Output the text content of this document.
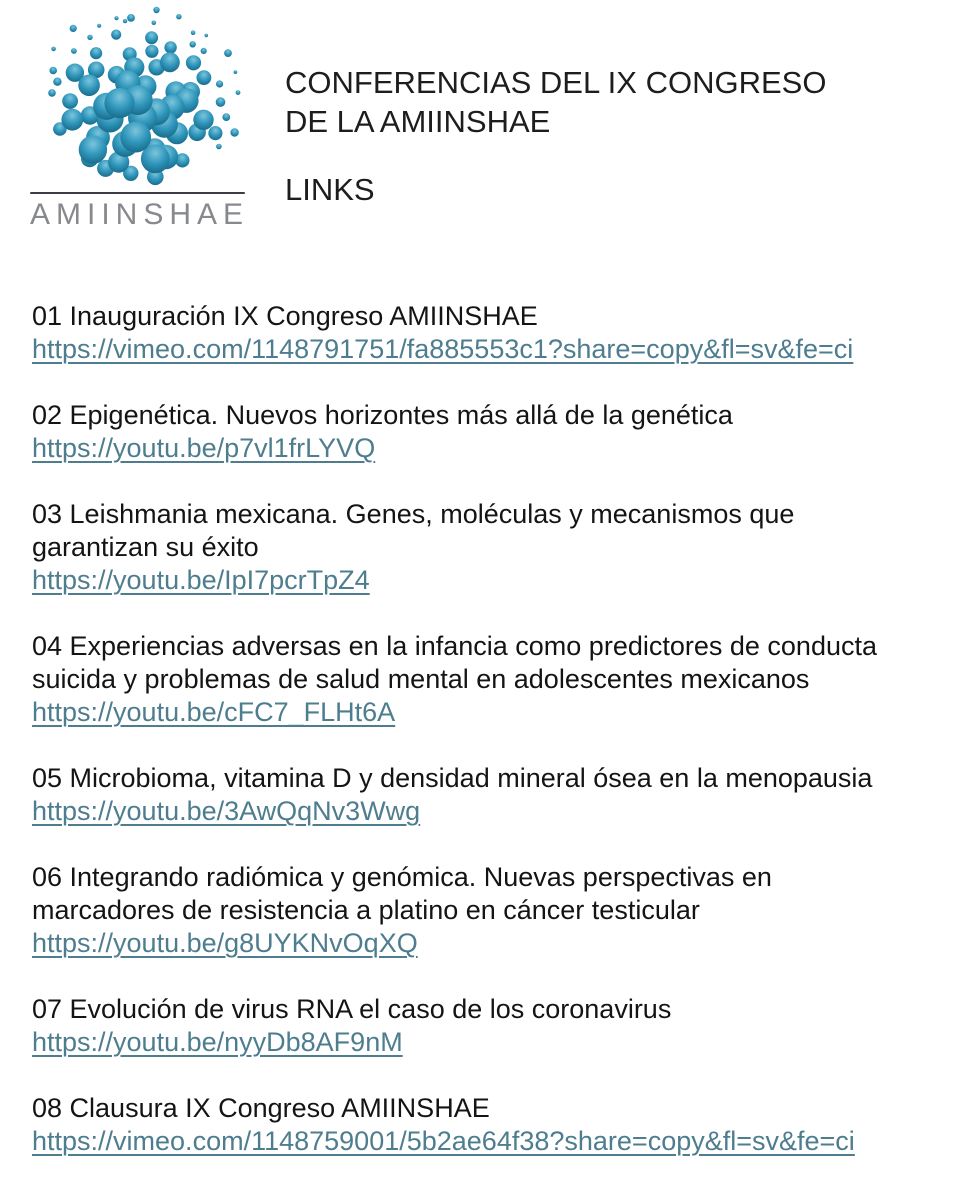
AMIINSHAE
CONFERENCIAS DEL IX CONGRESO
DE LA AMIINSHAE
LINKS
01 Inauguración IX Congreso AMIINSHAE
https://vimeo.com/1148791751/fa885553c1?share=copy&fl=sv&fe=ci
02 Epigenética. Nuevos horizontes más allá de la genética
https://youtu.be/p7vl1frLYVQ
03 Leishmania mexicana. Genes, moléculas y mecanismos que
garantizan su éxito
https://youtu.be/IpI7pcrTpZ4
04 Experiencias adversas en la infancia como predictores de conducta
suicida y problemas de salud mental en adolescentes mexicanos
https://youtu.be/cFC7_FLHt6A
05 Microbioma, vitamina D y densidad mineral ósea en la menopausia
https://youtu.be/3AwQqNv3Wwg
06 Integrando radiómica y genómica. Nuevas perspectivas en
marcadores de resistencia a platino en cáncer testicular
https://youtu.be/g8UYKNvOqXQ
07 Evolución de virus RNA el caso de los coronavirus
https://youtu.be/nyyDb8AF9nM
08 Clausura IX Congreso AMIINSHAE
https://vimeo.com/1148759001/5b2ae64f38?share=copy&fl=sv&fe=ci
